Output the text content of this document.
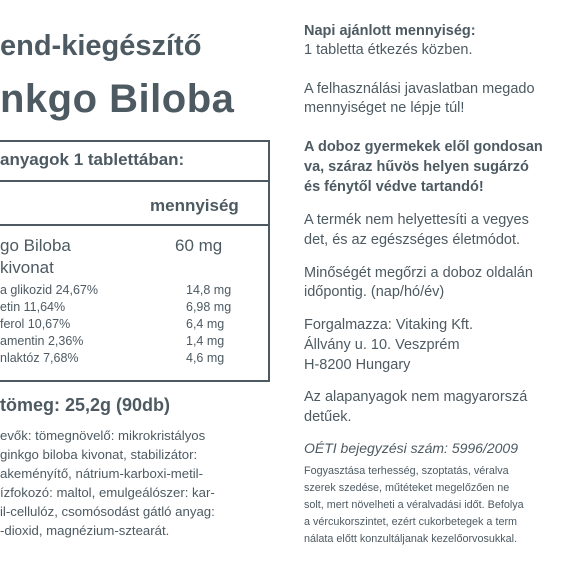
end-kiegészítő
nkgo Biloba
anyagok 1 tablettában:
mennyiség
go Biloba
kivonat
60 mg
a glikozid 24,67%	14,8 mg
etin 11,64%	6,98 mg
ferol 10,67%	6,4 mg
amentin 2,36%	1,4 mg
nlaktóz 7,68%	4,6 mg
tömeg: 25,2g (90db)
evők: tömegnövelő: mikrokristályos
ginkgo biloba kivonat, stabilizátor:
akeményítő, nátrium-karboxi-metil-
ízfokozó: maltol, emulgeálószer: kar-
il-cellulóz, csomósodást gátló anyag:
-dioxid, magnézium-sztearát.
Napi ajánlott mennyiség:
1 tabletta étkezés közben.
A felhasználási javaslatban megado
mennyiséget ne lépje túl!
A doboz gyermekek elől gondosan
va, száraz hűvös helyen sugárzó
és fénytől védve tartandó!
A termék nem helyettesíti a vegyes
det, és az egészséges életmódot.
Minőségét megőrzi a doboz oldalán
időpontig. (nap/hó/év)
Forgalmazza: Vitaking Kft.
Állvány u. 10. Veszprém
H-8200 Hungary
Az alapanyagok nem magyarorszá
detűek.
OÉTI bejegyzési szám: 5996/2009
Fogyasztása terhesség, szoptatás, véralva
szerek szedése, műtéteket megelőzően ne
solt, mert növelheti a véralvadási időt. Befolya
a vércukorszintet, ezért cukorbetegek a term
nálata előtt konzultáljanak kezelőorvosukkal.
